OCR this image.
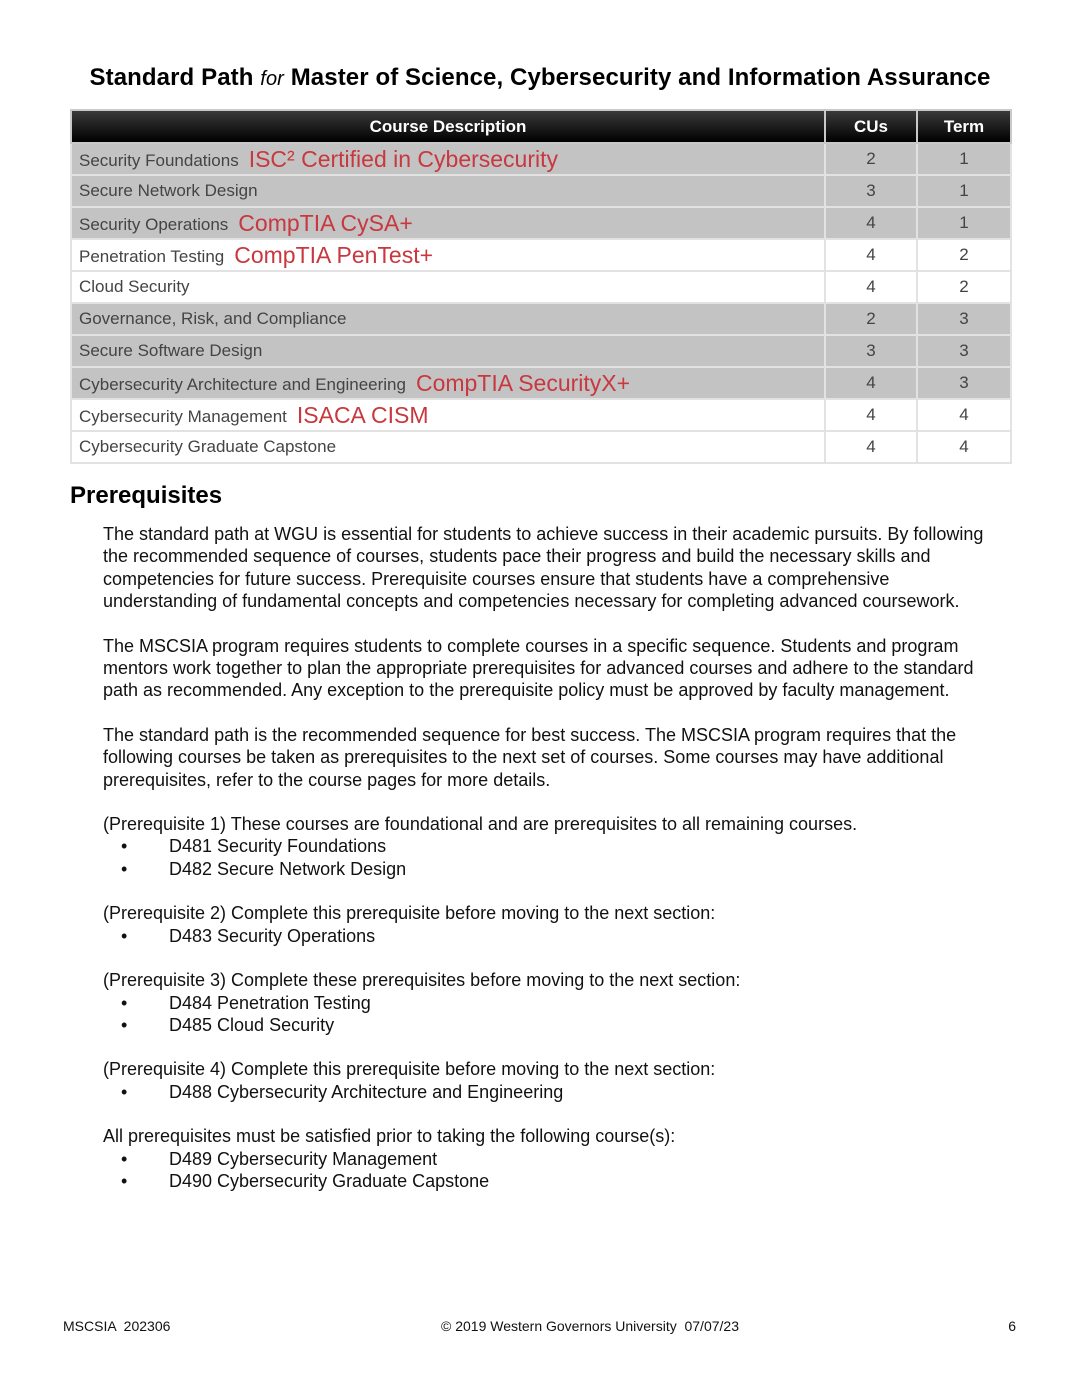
Standard Path for Master of Science, Cybersecurity and Information Assurance
Course Description	CUs	Term
Security Foundations ISC² Certified in Cybersecurity	2	1
Secure Network Design	3	1
Security Operations CompTIA CySA+	4	1
Penetration Testing CompTIA PenTest+	4	2
Cloud Security	4	2
Governance, Risk, and Compliance	2	3
Secure Software Design	3	3
Cybersecurity Architecture and Engineering CompTIA SecurityX+	4	3
Cybersecurity Management ISACA CISM	4	4
Cybersecurity Graduate Capstone	4	4
Prerequisites

The standard path at WGU is essential for students to achieve success in their academic pursuits. By following the recommended sequence of courses, students pace their progress and build the necessary skills and competencies for future success. Prerequisite courses ensure that students have a comprehensive understanding of fundamental concepts and competencies necessary for completing advanced coursework.

The MSCSIA program requires students to complete courses in a specific sequence. Students and program mentors work together to plan the appropriate prerequisites for advanced courses and adhere to the standard path as recommended. Any exception to the prerequisite policy must be approved by faculty management.

The standard path is the recommended sequence for best success. The MSCSIA program requires that the following courses be taken as prerequisites to the next set of courses. Some courses may have additional prerequisites, refer to the course pages for more details.

(Prerequisite 1) These courses are foundational and are prerequisites to all remaining courses.
• D481 Security Foundations
• D482 Secure Network Design
(Prerequisite 2) Complete this prerequisite before moving to the next section:
• D483 Security Operations
(Prerequisite 3) Complete these prerequisites before moving to the next section:
• D484 Penetration Testing
• D485 Cloud Security
(Prerequisite 4) Complete this prerequisite before moving to the next section:
• D488 Cybersecurity Architecture and Engineering
All prerequisites must be satisfied prior to taking the following course(s):
• D489 Cybersecurity Management
• D490 Cybersecurity Graduate Capstone
MSCSIA  202306	© 2019 Western Governors University  07/07/23	6
